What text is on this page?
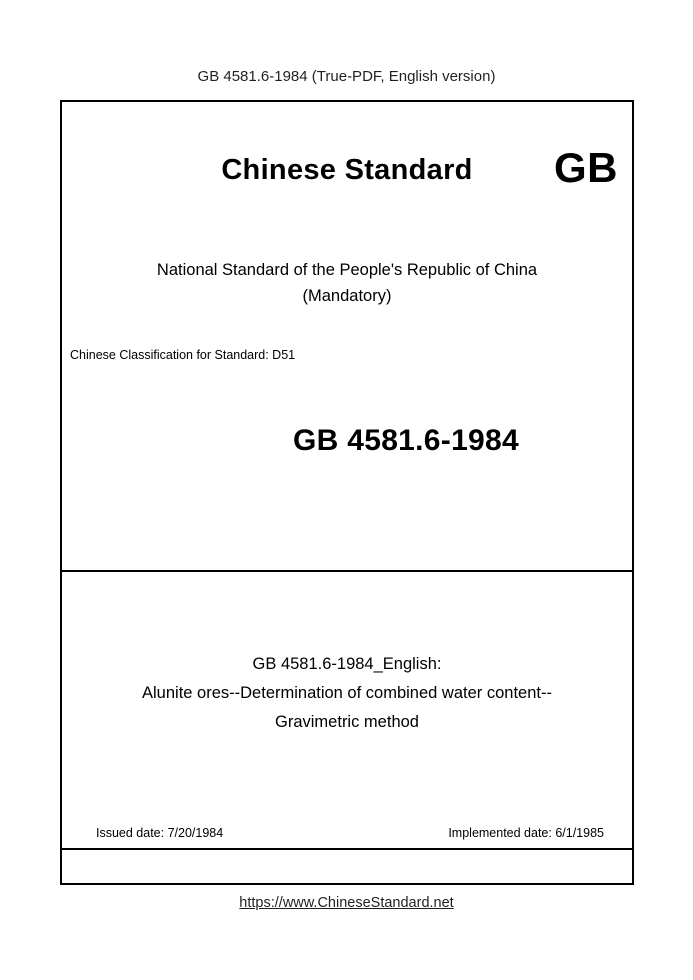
GB 4581.6-1984 (True-PDF, English version)
Chinese Standard	GB
National Standard of the People's Republic of China
(Mandatory)
Chinese Classification for Standard: D51
GB 4581.6-1984
GB 4581.6-1984_English:
Alunite ores--Determination of combined water content--
Gravimetric method
Issued date: 7/20/1984	Implemented date: 6/1/1985
https://www.ChineseStandard.net
